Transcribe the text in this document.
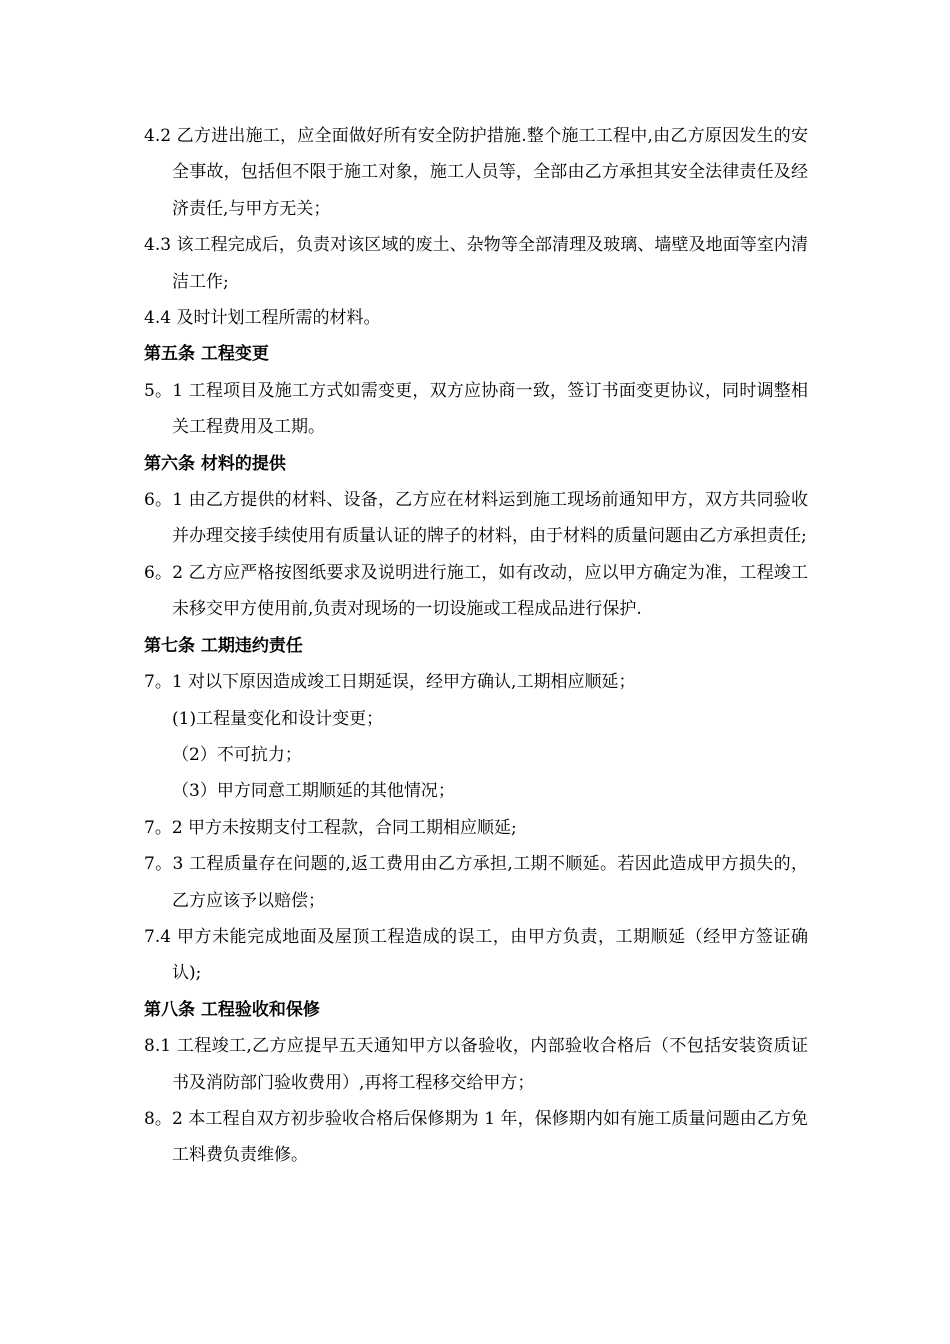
4.2 乙方进出施工，应全面做好所有安全防护措施.整个施工工程中,由乙方原因发生的安全事故，包括但不限于施工对象，施工人员等，全部由乙方承担其安全法律责任及经济责任,与甲方无关；

4.3 该工程完成后，负责对该区域的废土、杂物等全部清理及玻璃、墙壁及地面等室内清洁工作;

4.4 及时计划工程所需的材料。

第五条 工程变更

5。1 工程项目及施工方式如需变更，双方应协商一致，签订书面变更协议，同时调整相关工程费用及工期。

第六条 材料的提供

6。1 由乙方提供的材料、设备，乙方应在材料运到施工现场前通知甲方，双方共同验收并办理交接手续使用有质量认证的牌子的材料，由于材料的质量问题由乙方承担责任;

6。2 乙方应严格按图纸要求及说明进行施工，如有改动，应以甲方确定为准，工程竣工未移交甲方使用前,负责对现场的一切设施或工程成品进行保护.

第七条 工期违约责任

7。1 对以下原因造成竣工日期延误，经甲方确认,工期相应顺延；

(1)工程量变化和设计变更；

（2）不可抗力；

（3）甲方同意工期顺延的其他情况；

7。2 甲方未按期支付工程款，合同工期相应顺延;

7。3 工程质量存在问题的,返工费用由乙方承担,工期不顺延。若因此造成甲方损失的，乙方应该予以赔偿；

7.4 甲方未能完成地面及屋顶工程造成的误工，由甲方负责，工期顺延（经甲方签证确认);

第八条 工程验收和保修

8.1 工程竣工,乙方应提早五天通知甲方以备验收，内部验收合格后（不包括安装资质证书及消防部门验收费用）,再将工程移交给甲方；

8。2 本工程自双方初步验收合格后保修期为 1 年，保修期内如有施工质量问题由乙方免工料费负责维修。
